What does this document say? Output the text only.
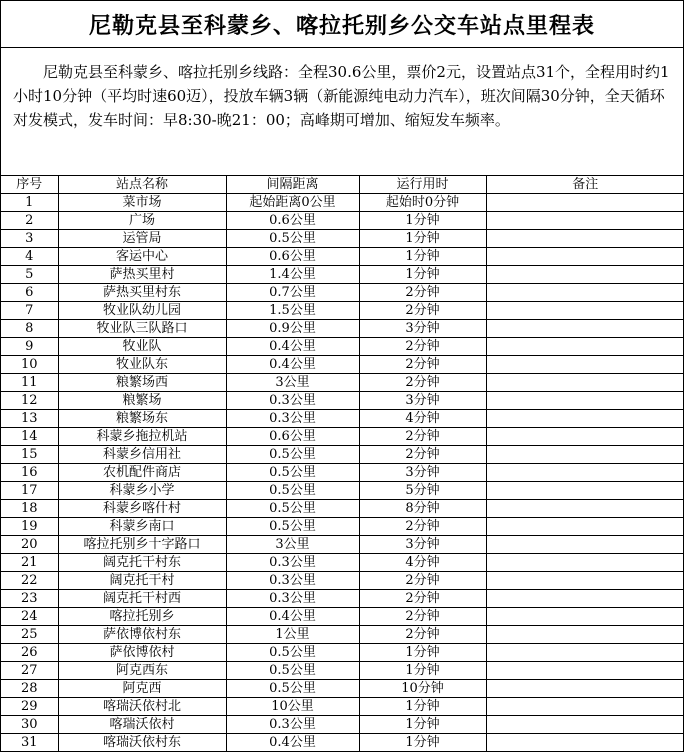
尼勒克县至科蒙乡、喀拉托别乡公交车站点里程表
尼勒克县至科蒙乡、喀拉托别乡线路：全程30.6公里，票价2元，设置站点31个，全程用时约1小时10分钟（平均时速60迈），投放车辆3辆（新能源纯电动力汽车），班次间隔30分钟，全天循环对发模式，发车时间：早8:30-晚21：00；高峰期可增加、缩短发车频率。
序号	站点名称	间隔距离	运行用时	备注
1	菜市场	起始距离0公里	起始时0分钟	
2	广场	0.6公里	1分钟	
3	运管局	0.5公里	1分钟	
4	客运中心	0.6公里	1分钟	
5	萨热买里村	1.4公里	1分钟	
6	萨热买里村东	0.7公里	2分钟	
7	牧业队幼儿园	1.5公里	2分钟	
8	牧业队三队路口	0.9公里	3分钟	
9	牧业队	0.4公里	2分钟	
10	牧业队东	0.4公里	2分钟	
11	粮繁场西	3公里	2分钟	
12	粮繁场	0.3公里	3分钟	
13	粮繁场东	0.3公里	4分钟	
14	科蒙乡拖拉机站	0.6公里	2分钟	
15	科蒙乡信用社	0.5公里	2分钟	
16	农机配件商店	0.5公里	3分钟	
17	科蒙乡小学	0.5公里	5分钟	
18	科蒙乡喀什村	0.5公里	8分钟	
19	科蒙乡南口	0.5公里	2分钟	
20	喀拉托别乡十字路口	3公里	3分钟	
21	阔克托干村东	0.3公里	4分钟	
22	阔克托干村	0.3公里	2分钟	
23	阔克托干村西	0.3公里	2分钟	
24	喀拉托别乡	0.4公里	2分钟	
25	萨依博依村东	1公里	2分钟	
26	萨依博依村	0.5公里	1分钟	
27	阿克西东	0.5公里	1分钟	
28	阿克西	0.5公里	10分钟	
29	喀瑞沃依村北	10公里	1分钟	
30	喀瑞沃依村	0.3公里	1分钟	
31	喀瑞沃依村东	0.4公里	1分钟	
